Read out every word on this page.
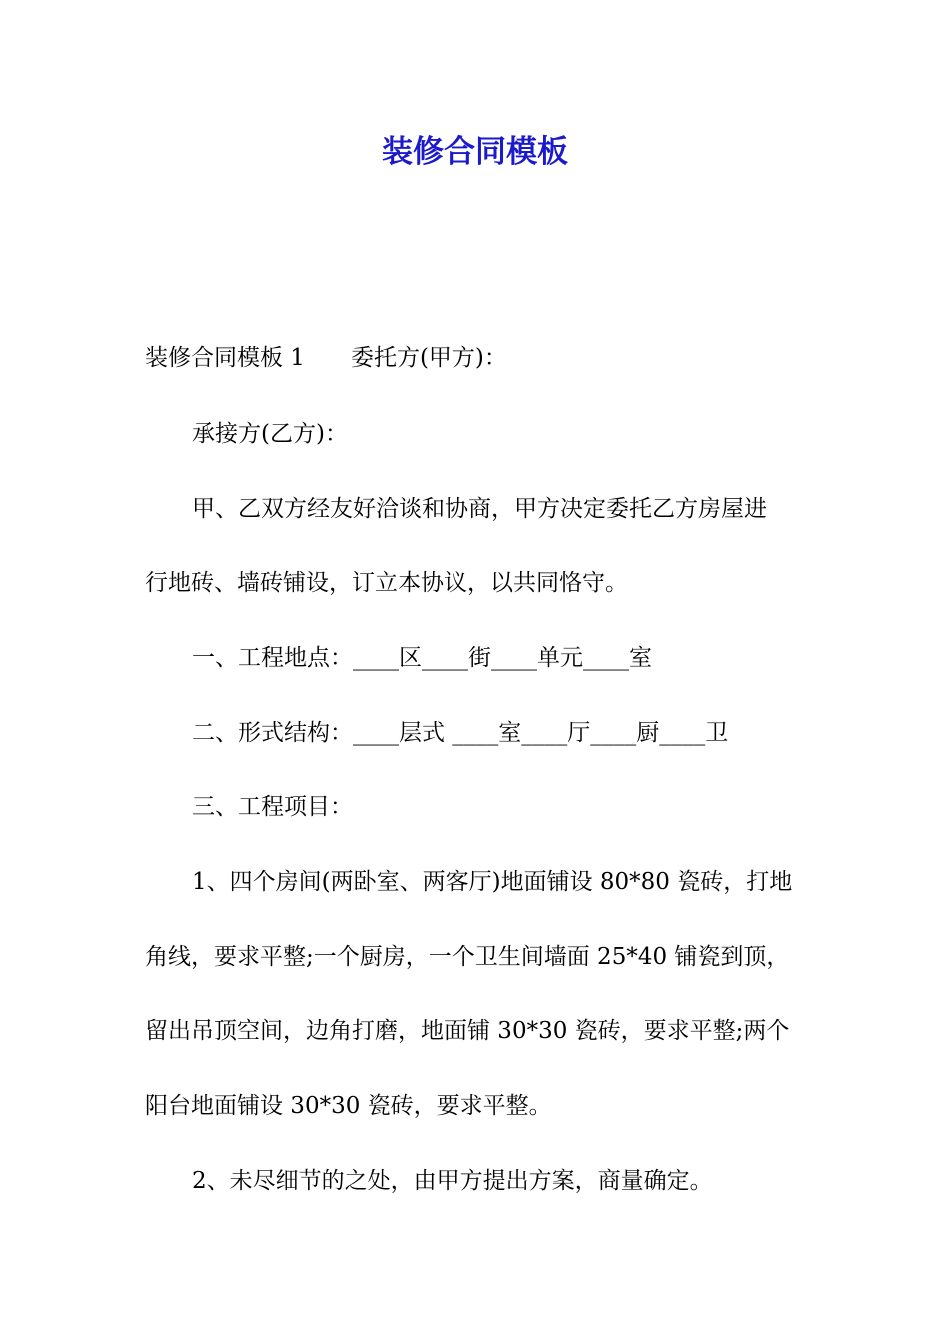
装修合同模板

装修合同模板 1　　委托方(甲方)：

承接方(乙方)：

甲、乙双方经友好洽谈和协商，甲方决定委托乙方房屋进

行地砖、墙砖铺设，订立本协议，以共同恪守。

一、工程地点：____区____街____单元____室

二、形式结构：____层式 ____室____厅____厨____卫

三、工程项目：

1、四个房间(两卧室、两客厅)地面铺设 80*80 瓷砖，打地

角线，要求平整;一个厨房，一个卫生间墙面 25*40 铺瓷到顶，

留出吊顶空间，边角打磨，地面铺 30*30 瓷砖，要求平整;两个

阳台地面铺设 30*30 瓷砖，要求平整。

2、未尽细节的之处，由甲方提出方案，商量确定。
